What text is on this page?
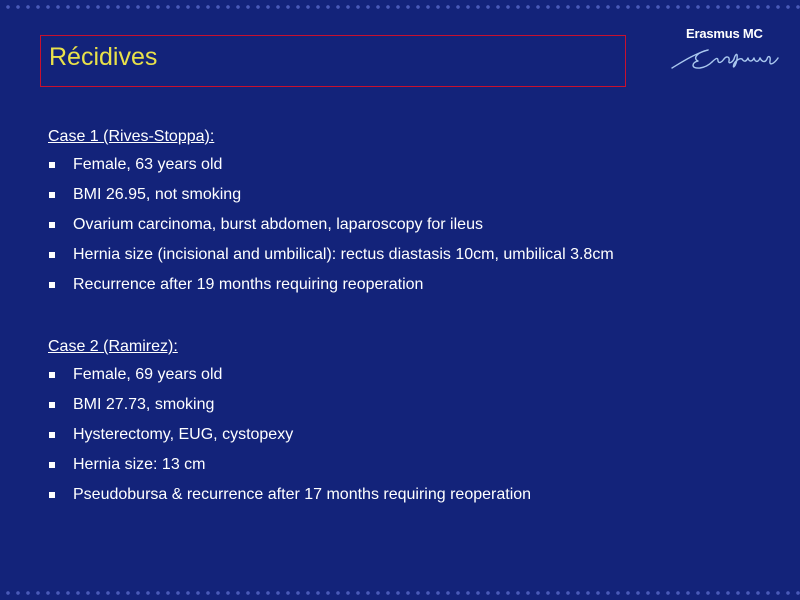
Récidives
Erasmus MC
Case 1 (Rives-Stoppa):
Female, 63 years old
BMI 26.95, not smoking
Ovarium carcinoma, burst abdomen, laparoscopy for ileus
Hernia size (incisional and umbilical): rectus diastasis 10cm, umbilical 3.8cm
Recurrence after 19 months requiring reoperation
Case 2 (Ramirez):
Female, 69 years old
BMI 27.73, smoking
Hysterectomy, EUG, cystopexy
Hernia size: 13 cm
Pseudobursa & recurrence after 17 months requiring reoperation
